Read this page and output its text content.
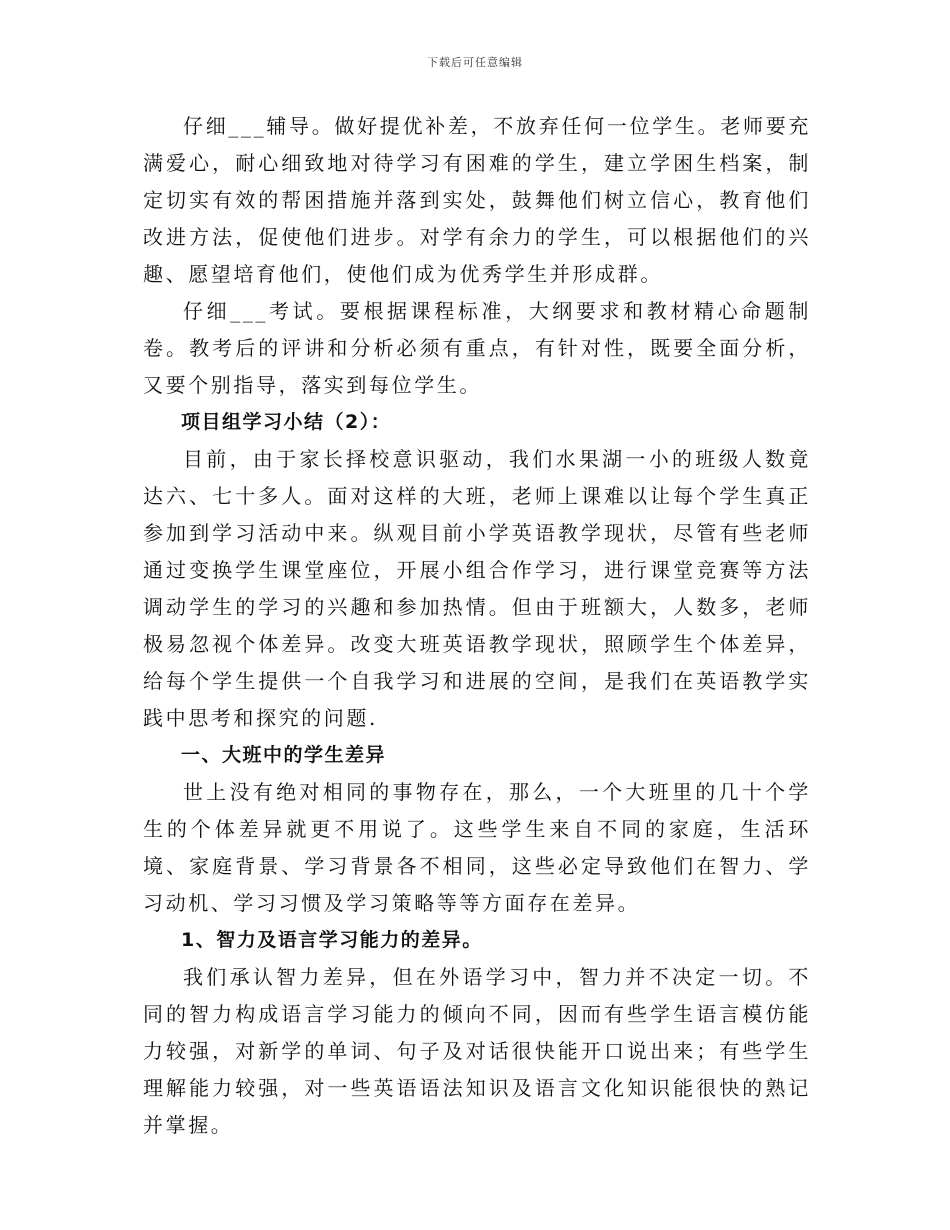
下载后可任意编辑

仔细___辅导。做好提优补差，不放弃任何一位学生。老师要充满爱心，耐心细致地对待学习有困难的学生，建立学困生档案，制定切实有效的帮困措施并落到实处，鼓舞他们树立信心，教育他们改进方法，促使他们进步。对学有余力的学生，可以根据他们的兴趣、愿望培育他们，使他们成为优秀学生并形成群。

仔细___考试。要根据课程标准，大纲要求和教材精心命题制卷。教考后的评讲和分析必须有重点，有针对性，既要全面分析，又要个别指导，落实到每位学生。

项目组学习小结（2）：

目前，由于家长择校意识驱动，我们水果湖一小的班级人数竟达六、七十多人。面对这样的大班，老师上课难以让每个学生真正参加到学习活动中来。纵观目前小学英语教学现状，尽管有些老师通过变换学生课堂座位，开展小组合作学习，进行课堂竞赛等方法调动学生的学习的兴趣和参加热情。但由于班额大，人数多，老师极易忽视个体差异。改变大班英语教学现状，照顾学生个体差异，给每个学生提供一个自我学习和进展的空间，是我们在英语教学实践中思考和探究的问题.

一、大班中的学生差异

世上没有绝对相同的事物存在，那么，一个大班里的几十个学生的个体差异就更不用说了。这些学生来自不同的家庭，生活环境、家庭背景、学习背景各不相同，这些必定导致他们在智力、学习动机、学习习惯及学习策略等等方面存在差异。

1、智力及语言学习能力的差异。

我们承认智力差异，但在外语学习中，智力并不决定一切。不同的智力构成语言学习能力的倾向不同，因而有些学生语言模仿能力较强，对新学的单词、句子及对话很快能开口说出来；有些学生理解能力较强，对一些英语语法知识及语言文化知识能很快的熟记并掌握。
